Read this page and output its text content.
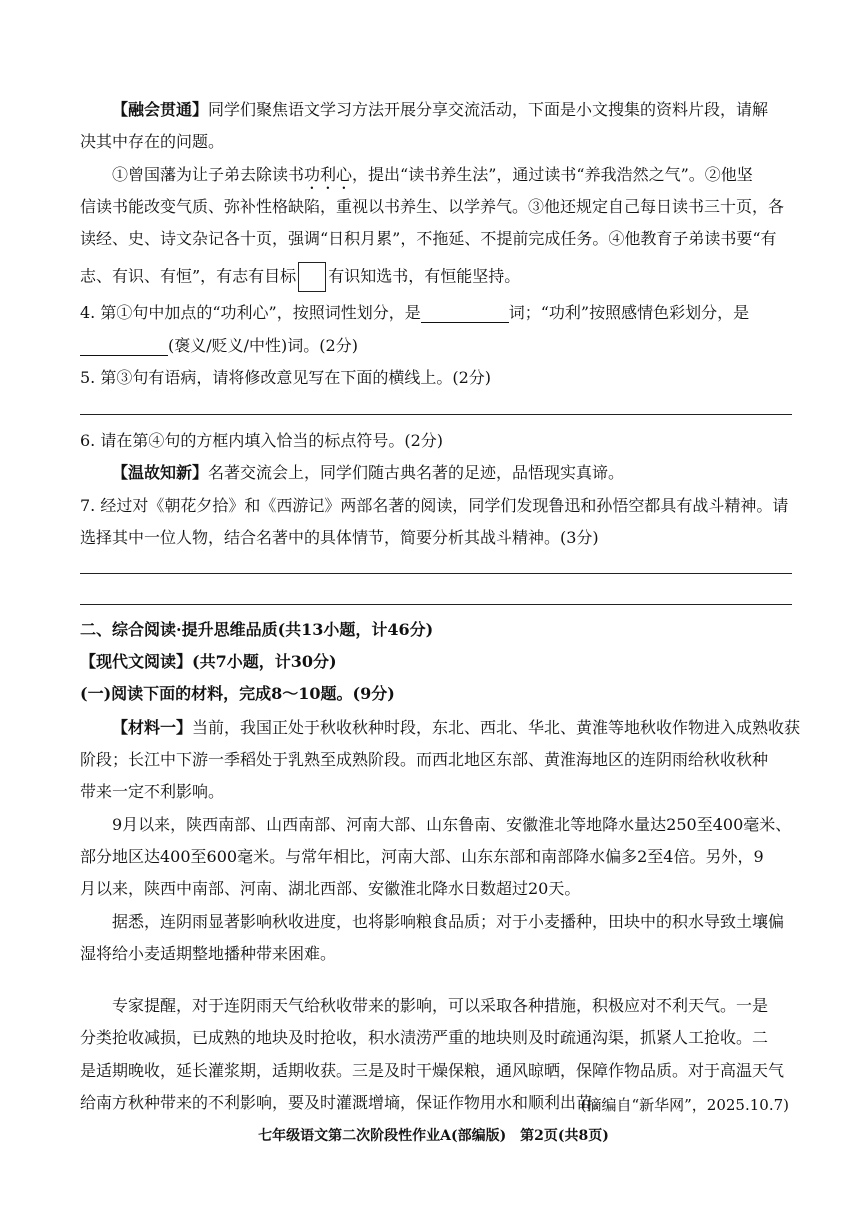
【融会贯通】同学们聚焦语文学习方法开展分享交流活动，下面是小文搜集的资料片段，请解
决其中存在的问题。
①曾国藩为让子弟去除读书功利心，提出“读书养生法”，通过读书“养我浩然之气”。②他坚
信读书能改变气质、弥补性格缺陷，重视以书养生、以学养气。③他还规定自己每日读书三十页，各
读经、史、诗文杂记各十页，强调“日积月累”，不拖延、不提前完成任务。④他教育子弟读书要“有
志、有识、有恒”，有志有目标 有识知选书，有恒能坚持。
4. 第①句中加点的“功利心”，按照词性划分，是	词；“功利”按照感情色彩划分，是
(褒义/贬义/中性)词。(2分)
5. 第③句有语病，请将修改意见写在下面的横线上。(2分)
6. 请在第④句的方框内填入恰当的标点符号。(2分)
【温故知新】名著交流会上，同学们随古典名著的足迹，品悟现实真谛。
7. 经过对《朝花夕拾》和《西游记》两部名著的阅读，同学们发现鲁迅和孙悟空都具有战斗精神。请
选择其中一位人物，结合名著中的具体情节，简要分析其战斗精神。(3分)
二、综合阅读·提升思维品质(共13小题，计46分)
【现代文阅读】(共7小题，计30分)
(一)阅读下面的材料，完成8～10题。(9分)
【材料一】当前，我国正处于秋收秋种时段，东北、西北、华北、黄淮等地秋收作物进入成熟收获
阶段；长江中下游一季稻处于乳熟至成熟阶段。而西北地区东部、黄淮海地区的连阴雨给秋收秋种
带来一定不利影响。
9月以来，陕西南部、山西南部、河南大部、山东鲁南、安徽淮北等地降水量达250至400毫米、
部分地区达400至600毫米。与常年相比，河南大部、山东东部和南部降水偏多2至4倍。另外，9
月以来，陕西中南部、河南、湖北西部、安徽淮北降水日数超过20天。
据悉，连阴雨显著影响秋收进度，也将影响粮食品质；对于小麦播种，田块中的积水导致土壤偏
湿将给小麦适期整地播种带来困难。
专家提醒，对于连阴雨天气给秋收带来的影响，可以采取各种措施，积极应对不利天气。一是
分类抢收减损，已成熟的地块及时抢收，积水渍涝严重的地块则及时疏通沟渠，抓紧人工抢收。二
是适期晚收，延长灌浆期，适期收获。三是及时干燥保粮，通风晾晒，保障作物品质。对于高温天气
给南方秋种带来的不利影响，要及时灌溉增墒，保证作物用水和顺利出苗。
(摘编自“新华网”，2025.10.7)
七年级语文第二次阶段性作业A(部编版)　第2页(共8页)
